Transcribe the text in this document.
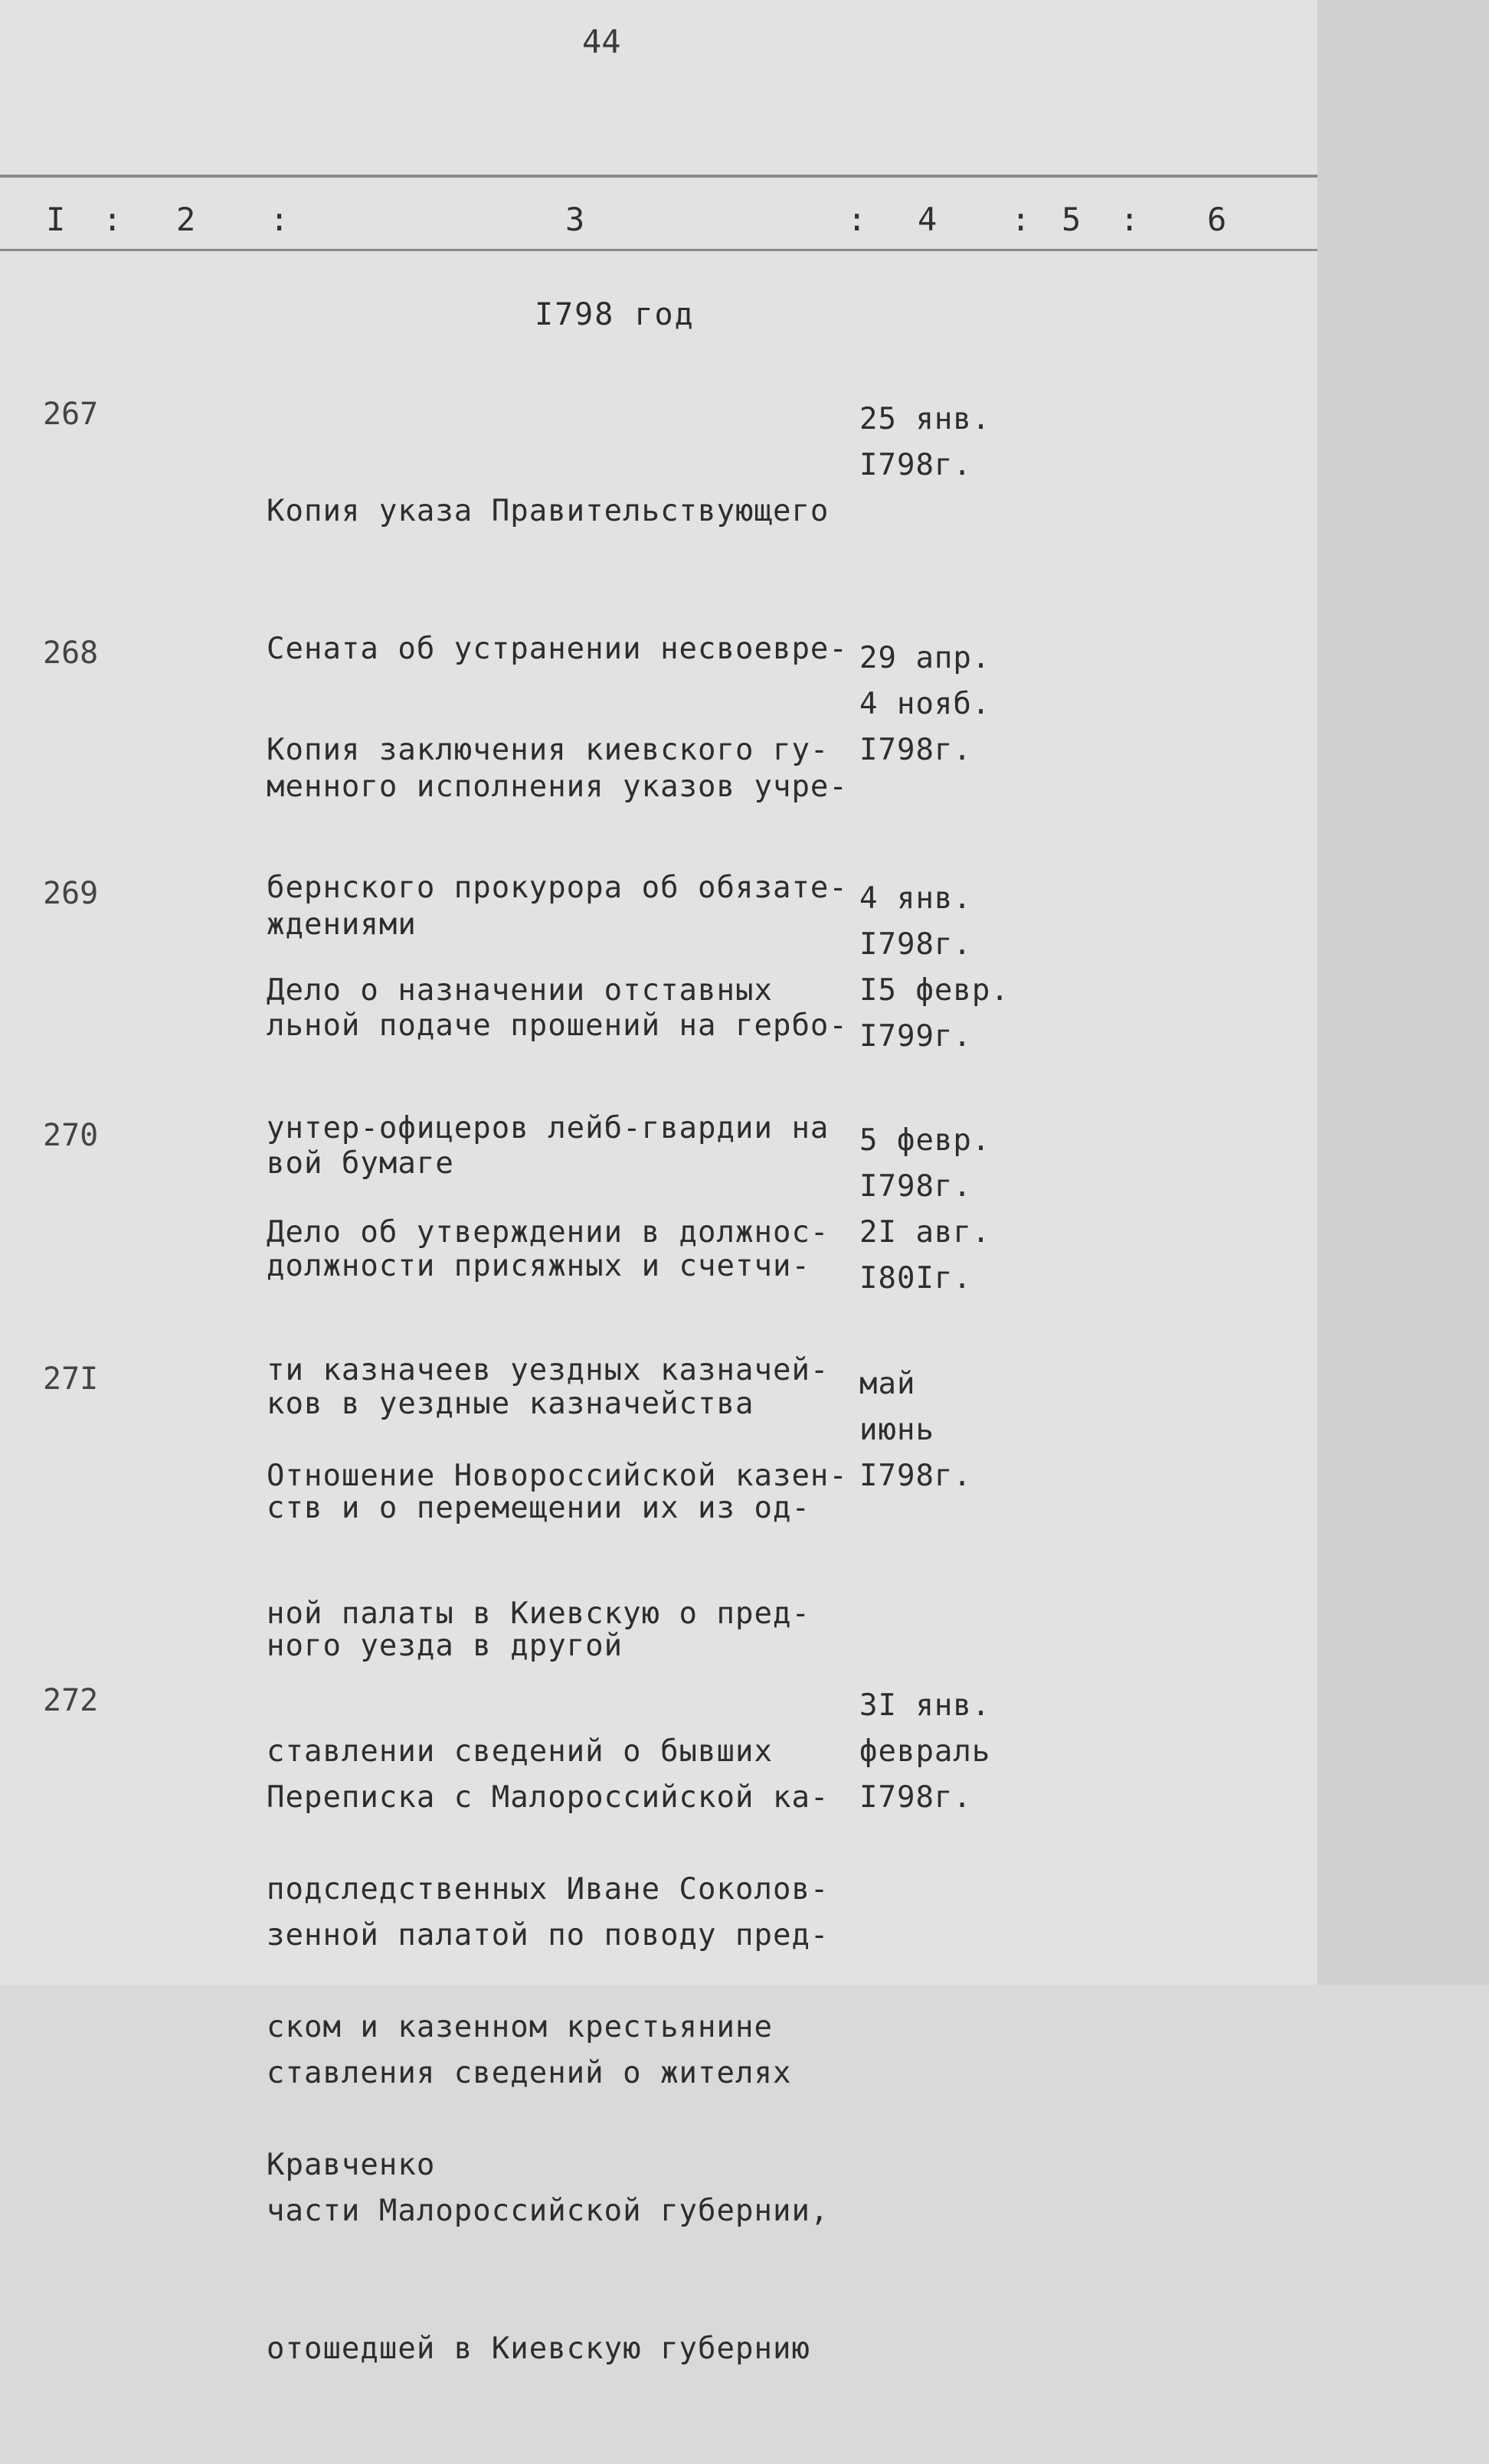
44
I : 2 :	3	: 4 : 5 : 6
I798 год
267

Копия указа Правительствующего

Сената об устранении несвоевре-

менного исполнения указов учре-

ждениями

25 янв.
I798г.
268

Копия заключения киевского гу-

бернского прокурора об обязате-

льной подаче прошений на гербо-

вой бумаге

29 апр.
4 нояб.
I798г.
269

Дело о назначении отставных

унтер-офицеров лейб-гвардии на

должности присяжных и счетчи-

ков в уездные казначейства

4 янв.
I798г.
I5 февр.
I799г.
270

Дело об утверждении в должнос-

ти казначеев уездных казначей-

ств и о перемещении их из од-

ного уезда в другой

5 февр.
I798г.
2I авг.
I80Iг.
27I

Отношение Новороссийской казен-

ной палаты в Киевскую о пред-

ставлении сведений о бывших

подследственных Иване Соколов-

ском и казенном крестьянине

Кравченко

май
июнь
I798г.
272

Переписка с Малороссийской ка-

зенной палатой по поводу пред-

ставления сведений о жителях

части Малороссийской губернии,

отошедшей в Киевскую губернию

3I янв.
февраль
I798г.
